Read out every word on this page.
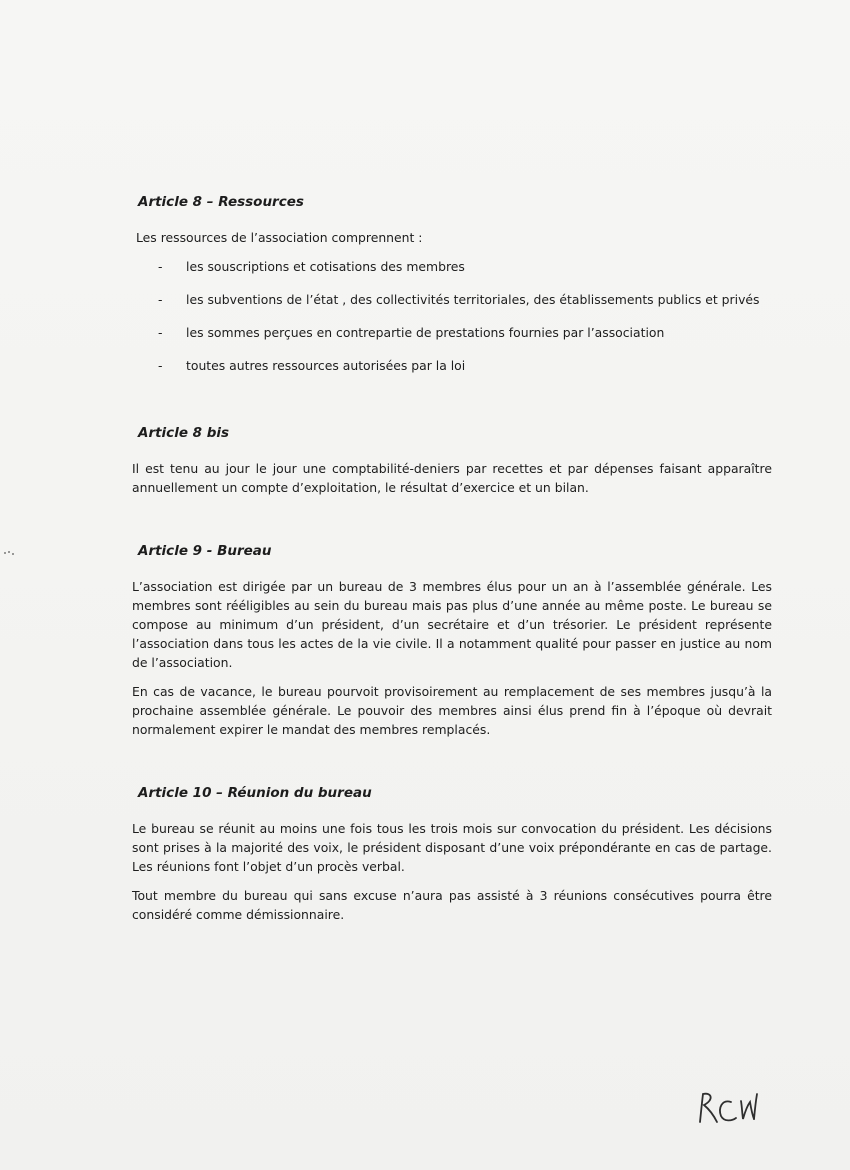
Article 8 – Ressources
Les ressources de l’association comprennent :
- les souscriptions et cotisations des membres
- les subventions de l’état , des collectivités territoriales, des établissements publics et privés
- les sommes perçues en contrepartie de prestations fournies par l’association
- toutes autres ressources autorisées par la loi
Article 8 bis
Il est tenu au jour le jour une comptabilité-deniers par recettes et par dépenses faisant apparaître annuellement un compte d’exploitation, le résultat d’exercice et un bilan.
Article 9 - Bureau
L’association est dirigée par un bureau de 3 membres élus pour un an à l’assemblée générale. Les membres sont rééligibles au sein du bureau mais pas plus d’une année au même poste. Le bureau se compose au minimum d’un président, d’un secrétaire et d’un trésorier. Le président représente l’association dans tous les actes de la vie civile. Il a notamment qualité pour passer en justice au nom de l’association.
En cas de vacance, le bureau pourvoit provisoirement au remplacement de ses membres jusqu’à la prochaine assemblée générale. Le pouvoir des membres ainsi élus prend fin à l’époque où devrait normalement expirer le mandat des membres remplacés.
Article 10 – Réunion du bureau
Le bureau se réunit au moins une fois tous les trois mois sur convocation du président. Les décisions sont prises à la majorité des voix, le président disposant d’une voix prépondérante en cas de partage. Les réunions font l’objet d’un procès verbal.
Tout membre du bureau qui sans excuse n’aura pas assisté à 3 réunions consécutives pourra être considéré comme démissionnaire.
